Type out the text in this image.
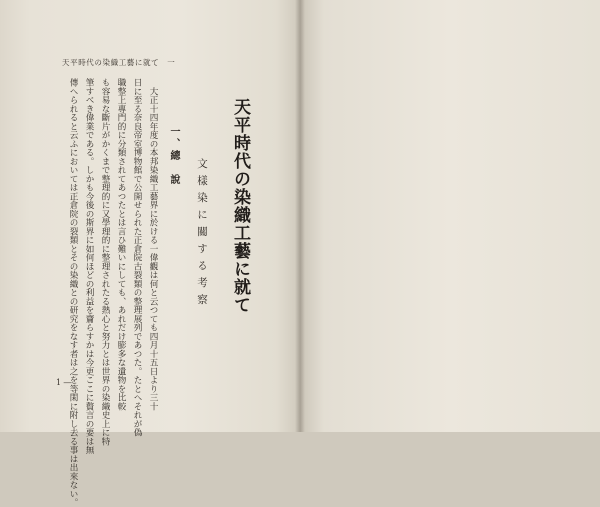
天平時代の染織工藝に就て　一
　大正十四年度の本邦染織工藝界に於ける一偉觀は何と云つても四月十五日より三十
日に至る奈良帝室博物館で公開せられた正倉院古裂類の整理展列であつた。たとへそれが偽
職整上專門的に分類されてあつたとは言ひ難いにしても、あれだけ膨多な遺物を比較
も容易な斷片がかくまで整理的に又學理的に整理されたる熱心と努力とは世界の染織史上に特
筆すべき偉業である。しかも今後の斯界に如何ほどの利益を齎らすかは今更ここに贅言の要は無
傳へられると云ふにおいては正倉院の裂類とその染織との研究をなす者は之を等閑に附し去る事は出來ない。	一、總　說
1 ―
天平時代の染織工藝に就て
文樣染に關する考察
